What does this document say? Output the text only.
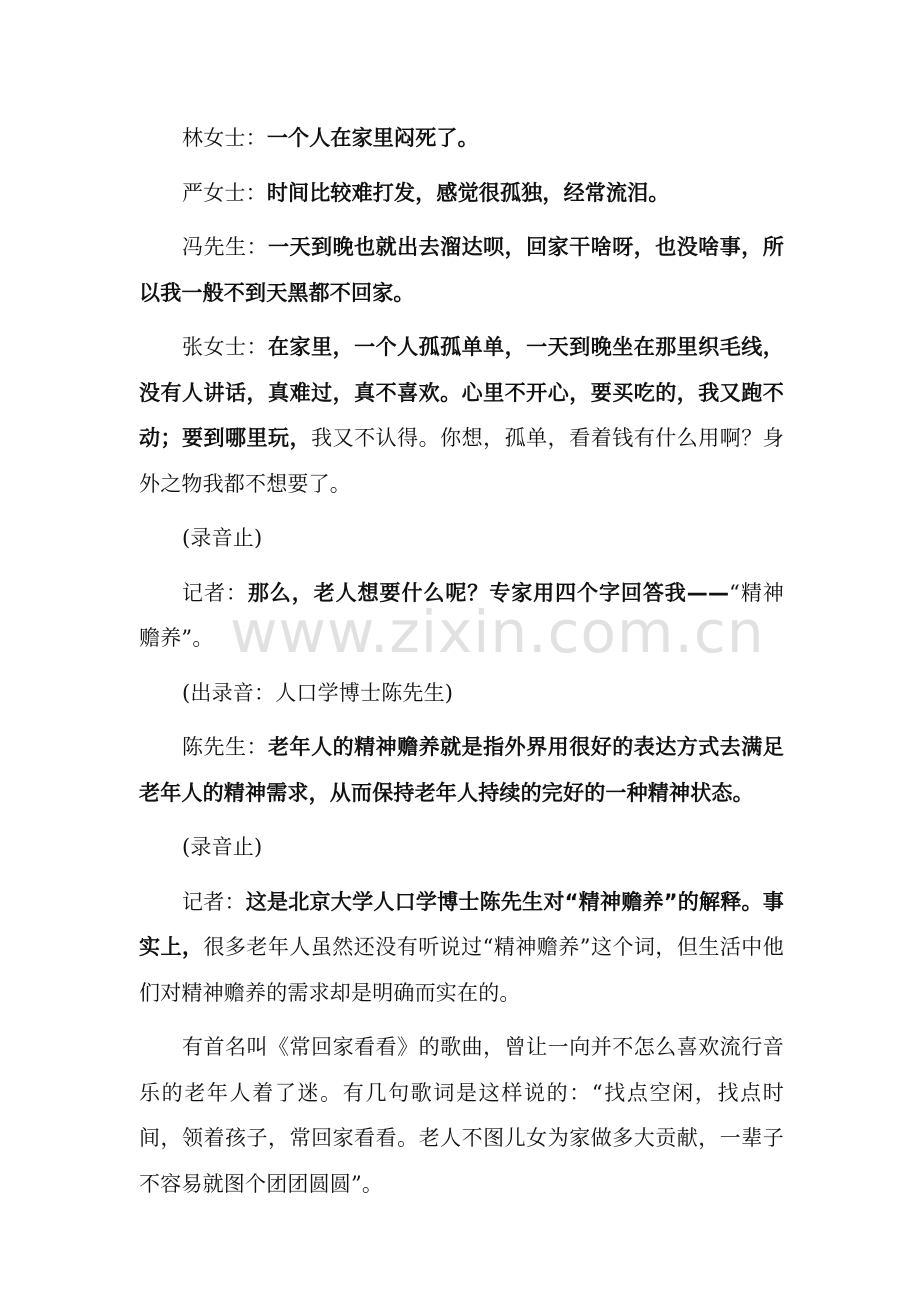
林女士：一个人在家里闷死了。

严女士：时间比较难打发，感觉很孤独，经常流泪。

冯先生：一天到晚也就出去溜达呗，回家干啥呀，也没啥事，所以我一般不到天黑都不回家。

张女士：在家里，一个人孤孤单单，一天到晚坐在那里织毛线，没有人讲话，真难过，真不喜欢。心里不开心，要买吃的，我又跑不动；要到哪里玩，我又不认得。你想，孤单，看着钱有什么用啊？身外之物我都不想要了。

(录音止)

记者：那么，老人想要什么呢？专家用四个字回答我——“精神赡养”。

(出录音：人口学博士陈先生)

陈先生：老年人的精神赡养就是指外界用很好的表达方式去满足老年人的精神需求，从而保持老年人持续的完好的一种精神状态。

(录音止)

记者：这是北京大学人口学博士陈先生对“精神赡养”的解释。事实上，很多老年人虽然还没有听说过“精神赡养”这个词，但生活中他们对精神赡养的需求却是明确而实在的。

有首名叫《常回家看看》的歌曲，曾让一向并不怎么喜欢流行音乐的老年人着了迷。有几句歌词是这样说的：“找点空闲，找点时间，领着孩子，常回家看看。老人不图儿女为家做多大贡献，一辈子不容易就图个团团圆圆”。

www.zixin.com.cn
